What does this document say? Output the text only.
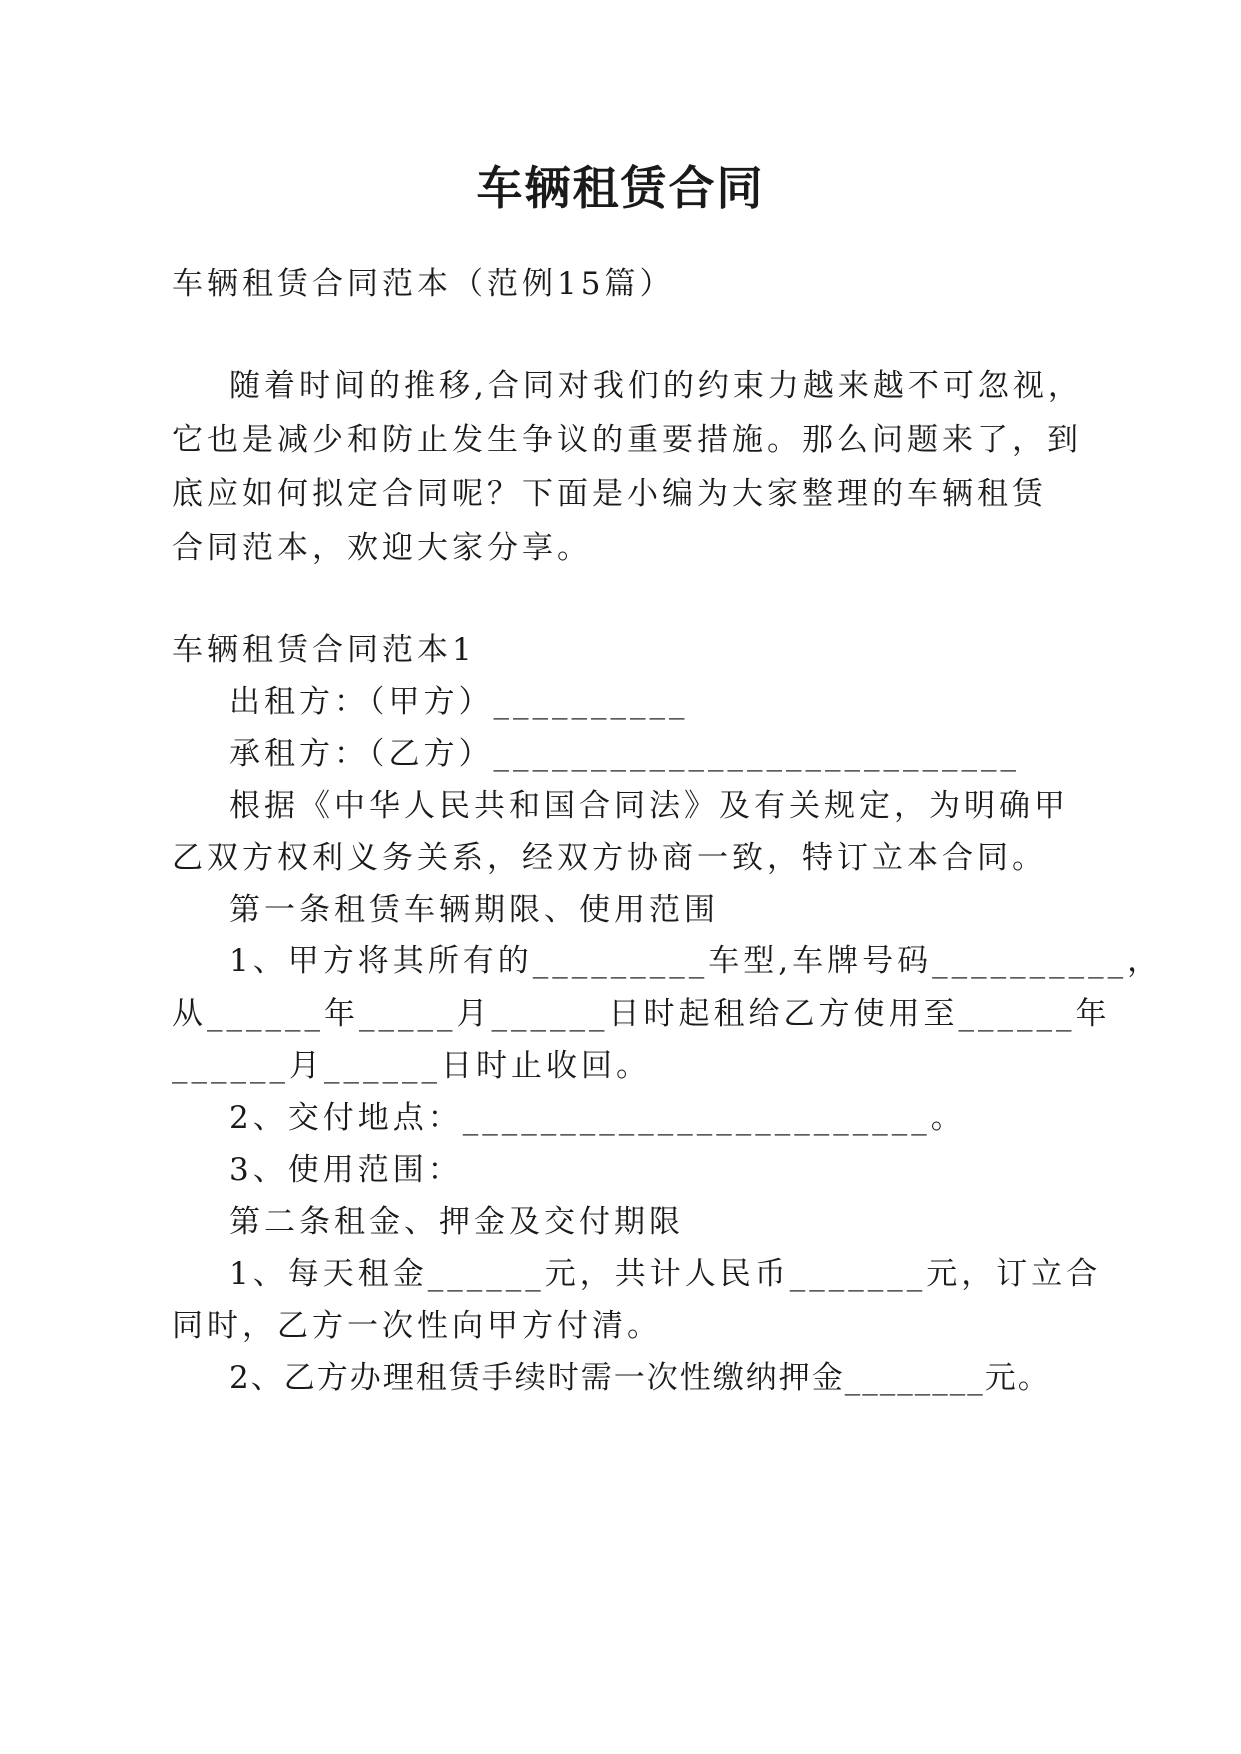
车辆租赁合同

车辆租赁合同范本（范例15篇）

随着时间的推移,合同对我们的约束力越来越不可忽视，

它也是减少和防止发生争议的重要措施。那么问题来了，到

底应如何拟定合同呢？下面是小编为大家整理的车辆租赁

合同范本，欢迎大家分享。

车辆租赁合同范本1

出租方：（甲方）__________

承租方：（乙方）___________________________

根据《中华人民共和国合同法》及有关规定，为明确甲

乙双方权利义务关系，经双方协商一致，特订立本合同。

第一条租赁车辆期限、使用范围

1、甲方将其所有的_________车型,车牌号码__________，

从______年_____月______日时起租给乙方使用至______年

______月______日时止收回。

2、交付地点：________________________。

3、使用范围：

第二条租金、押金及交付期限

1、每天租金______元，共计人民币_______元，订立合

同时，乙方一次性向甲方付清。

2、乙方办理租赁手续时需一次性缴纳押金________元。
